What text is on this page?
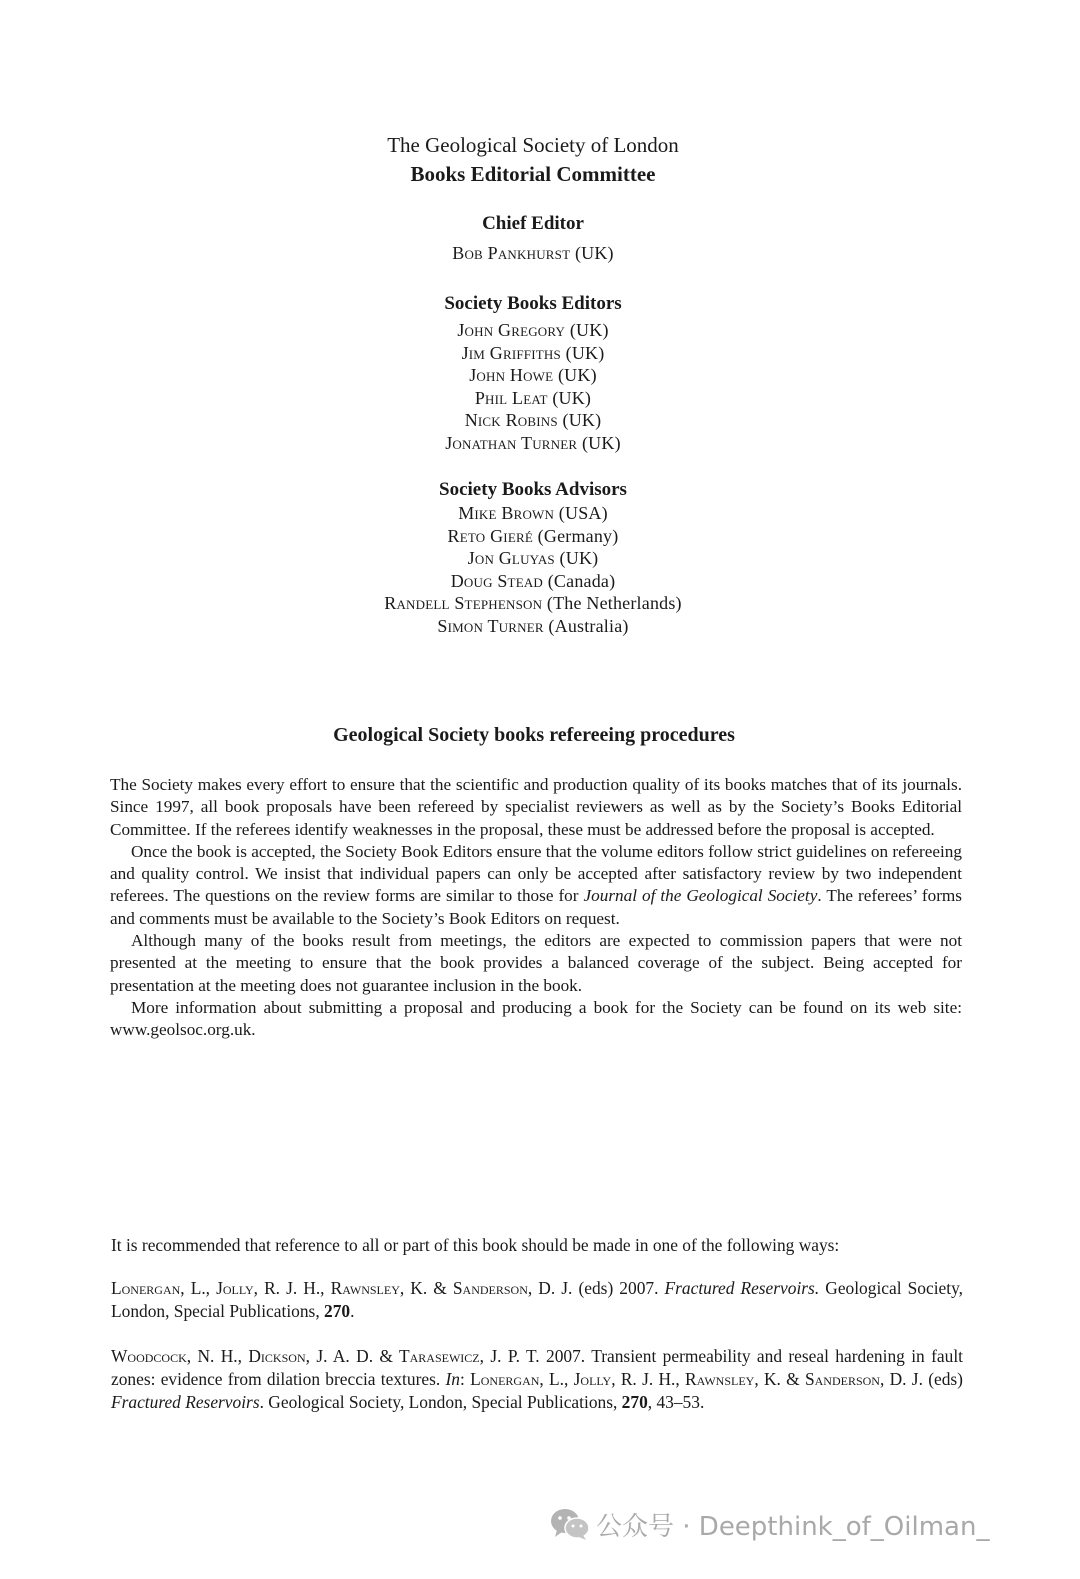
The Geological Society of London
Books Editorial Committee
Chief Editor
Bob Pankhurst (UK)
Society Books Editors
John Gregory (UK)
Jim Griffiths (UK)
John Howe (UK)
Phil Leat (UK)
Nick Robins (UK)
Jonathan Turner (UK)
Society Books Advisors
Mike Brown (USA)
Reto Gieré (Germany)
Jon Gluyas (UK)
Doug Stead (Canada)
Randell Stephenson (The Netherlands)
Simon Turner (Australia)
Geological Society books refereeing procedures

The Society makes every effort to ensure that the scientific and production quality of its books matches that of its journals. Since 1997, all book proposals have been refereed by specialist reviewers as well as by the Society’s Books Editorial Committee. If the referees identify weaknesses in the proposal, these must be addressed before the proposal is accepted.

Once the book is accepted, the Society Book Editors ensure that the volume editors follow strict guidelines on refereeing and quality control. We insist that individual papers can only be accepted after satisfactory review by two independent referees. The questions on the review forms are similar to those for Journal of the Geological Society. The referees’ forms and comments must be available to the Society’s Book Editors on request.

Although many of the books result from meetings, the editors are expected to commission papers that were not presented at the meeting to ensure that the book provides a balanced coverage of the subject. Being accepted for presentation at the meeting does not guarantee inclusion in the book.

More information about submitting a proposal and producing a book for the Society can be found on its web site: www.geolsoc.org.uk.

It is recommended that reference to all or part of this book should be made in one of the following ways:
Lonergan, L., Jolly, R. J. H., Rawnsley, K. & Sanderson, D. J. (eds) 2007. Fractured Reservoirs. Geological Society, London, Special Publications, 270.
Woodcock, N. H., Dickson, J. A. D. & Tarasewicz, J. P. T. 2007. Transient permeability and reseal hardening in fault zones: evidence from dilation breccia textures. In: Lonergan, L., Jolly, R. J. H., Rawnsley, K. & Sanderson, D. J. (eds) Fractured Reservoirs. Geological Society, London, Special Publications, 270, 43–53.
公众号 · Deepthink_of_Oilman_
